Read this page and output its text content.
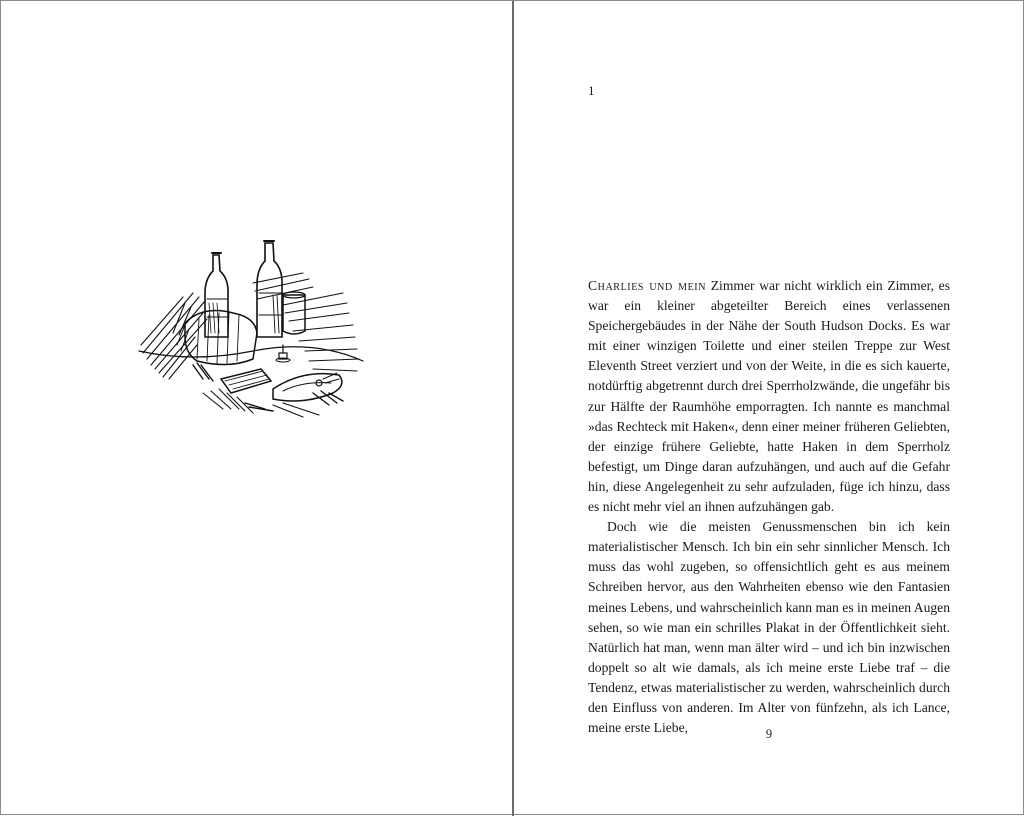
1

Charlies und mein Zimmer war nicht wirklich ein Zimmer, es war ein kleiner abgeteilter Bereich eines verlassenen Speichergebäudes in der Nähe der South Hudson Docks. Es war mit einer winzigen Toilette und einer steilen Treppe zur West Eleventh Street verziert und von der Weite, in die es sich kauerte, notdürftig abgetrennt durch drei Sperrholzwände, die ungefähr bis zur Hälfte der Raumhöhe emporragten. Ich nannte es manchmal »das Rechteck mit Haken«, denn einer meiner früheren Geliebten, der einzige frühere Geliebte, hatte Haken in dem Sperrholz befestigt, um Dinge daran aufzuhängen, und auch auf die Gefahr hin, diese Angelegenheit zu sehr aufzuladen, füge ich hinzu, dass es nicht mehr viel an ihnen aufzuhängen gab.

Doch wie die meisten Genussmenschen bin ich kein materialistischer Mensch. Ich bin ein sehr sinnlicher Mensch. Ich muss das wohl zugeben, so offensichtlich geht es aus meinem Schreiben hervor, aus den Wahrheiten ebenso wie den Fantasien meines Lebens, und wahrscheinlich kann man es in meinen Augen sehen, so wie man ein schrilles Plakat in der Öffentlichkeit sieht. Natürlich hat man, wenn man älter wird – und ich bin inzwischen doppelt so alt wie damals, als ich meine erste Liebe traf – die Tendenz, etwas materialistischer zu werden, wahrscheinlich durch den Einfluss von anderen. Im Alter von fünfzehn, als ich Lance, meine erste Liebe,	9
